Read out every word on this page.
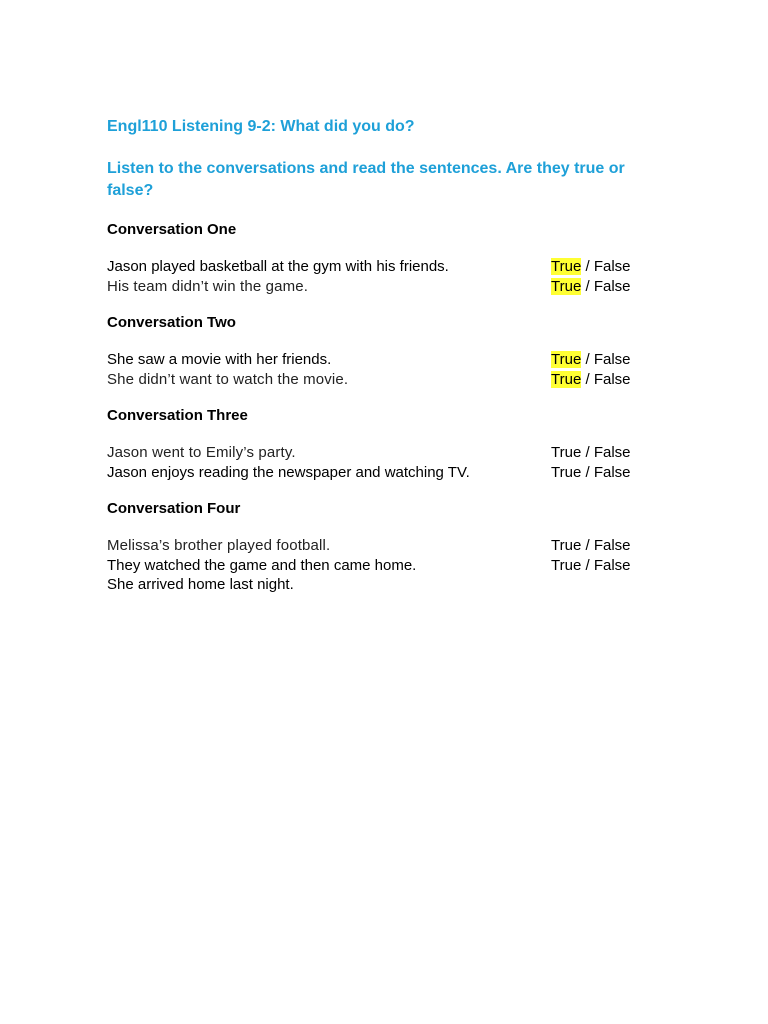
Engl110 Listening 9-2: What did you do?

Listen to the conversations and read the sentences. Are they true or false?

Conversation One
Jason played basketball at the gym with his friends.	True / False
His team didn’t win the game.	True / False
Conversation Two
She saw a movie with her friends.	True / False
She didn’t want to watch the movie.	True / False
Conversation Three
Jason went to Emily’s party.	True / False
Jason enjoys reading the newspaper and watching TV.	True / False
Conversation Four
Melissa’s brother played football.	True / False
They watched the game and then came home.	True / False
She arrived home last night.
